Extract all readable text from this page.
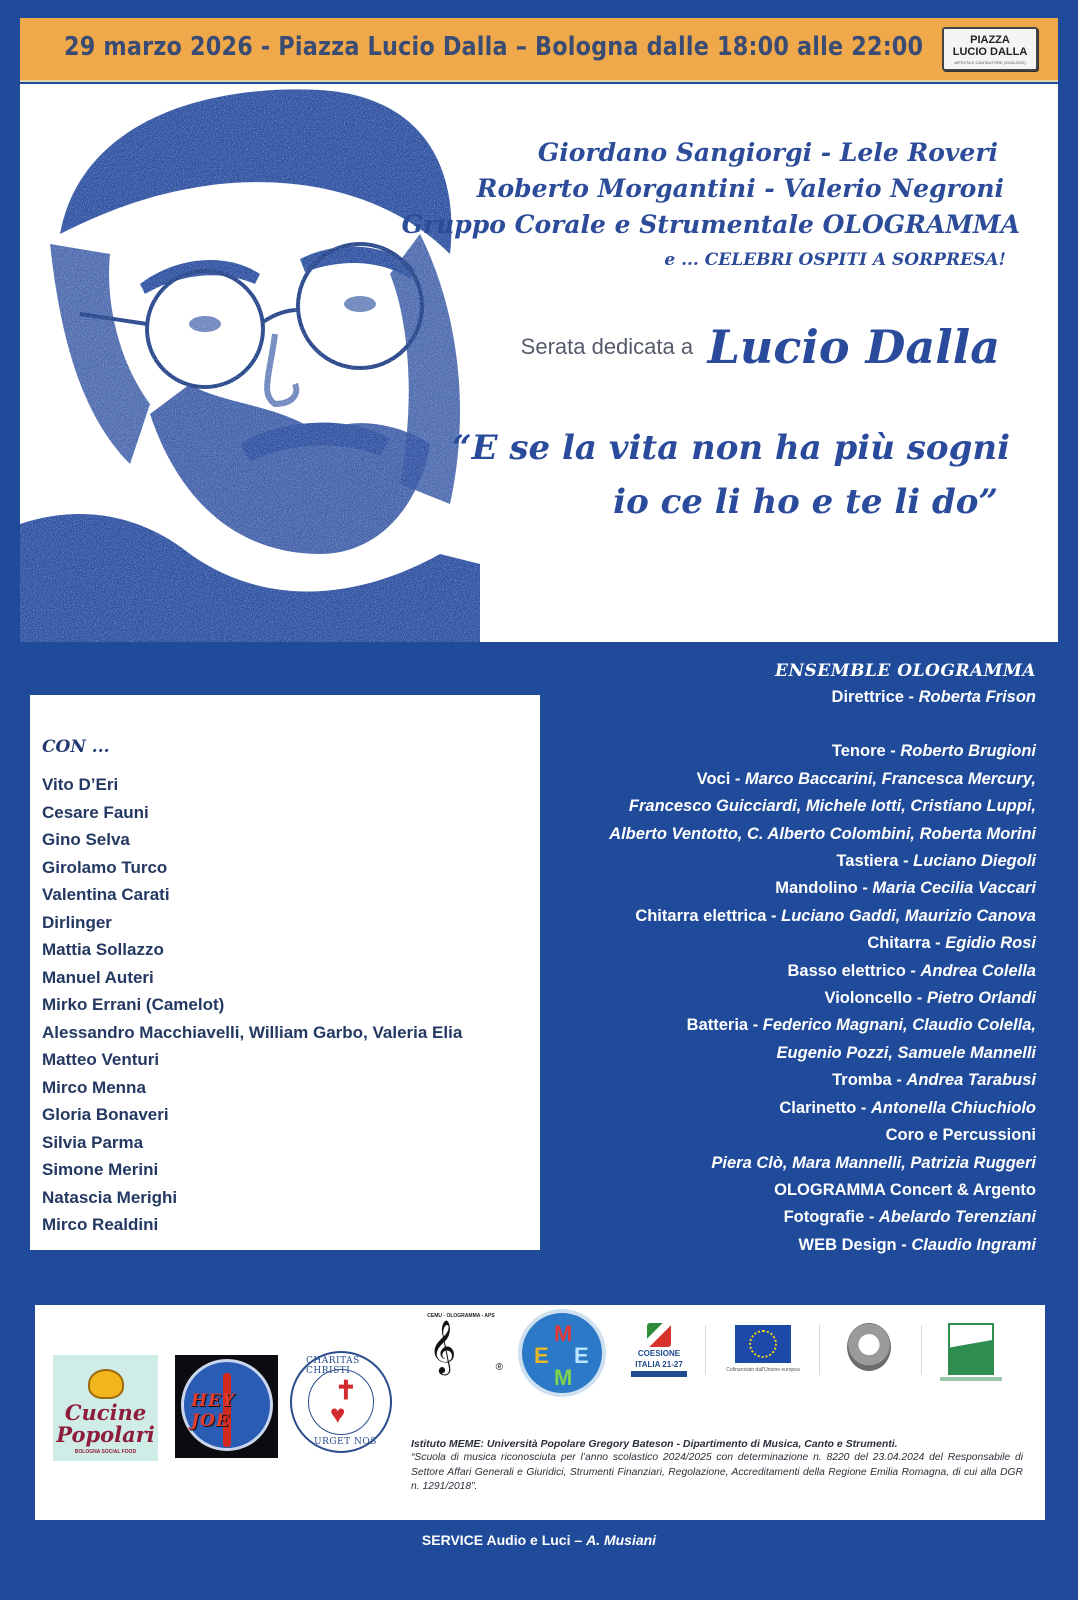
29 marzo 2026 - Piazza Lucio Dalla – Bologna dalle 18:00 alle 22:00	PIAZZA
LUCIO DALLA
ARTISTA E CANTAUTORE (1943-2012)
Giordano Sangiorgi - Lele Roveri
Roberto Morgantini - Valerio Negroni
Gruppo Corale e Strumentale OLOGRAMMA
e ... CELEBRI OSPITI A SORPRESA!
Serata dedicata a Lucio Dalla
“E se la vita non ha più sogni
io ce li ho e te li do”
CON ...
Vito D’Eri
Cesare Fauni
Gino Selva
Girolamo Turco
Valentina Carati
Dirlinger
Mattia Sollazzo
Manuel Auteri
Mirko Errani (Camelot)
Alessandro Macchiavelli, William Garbo, Valeria Elia
Matteo Venturi
Mirco Menna
Gloria Bonaveri
Silvia Parma
Simone Merini
Natascia Merighi
Mirco Realdini
ENSEMBLE OLOGRAMMA
Direttrice - Roberta Frison
Tenore - Roberto Brugioni
Voci - Marco Baccarini, Francesca Mercury,
Francesco Guicciardi, Michele Iotti, Cristiano Luppi,
Alberto Ventotto, C. Alberto Colombini, Roberta Morini
Tastiera - Luciano Diegoli
Mandolino - Maria Cecilia Vaccari
Chitarra elettrica - Luciano Gaddi, Maurizio Canova
Chitarra - Egidio Rosi
Basso elettrico - Andrea Colella
Violoncello - Pietro Orlandi
Batteria - Federico Magnani, Claudio Colella,
Eugenio Pozzi, Samuele Mannelli
Tromba - Andrea Tarabusi
Clarinetto - Antonella Chiuchiolo
Coro e Percussioni
Piera Clò, Mara Mannelli, Patrizia Ruggeri
OLOGRAMMA Concert & Argento
Fotografie - Abelardo Terenziani
WEB Design - Claudio Ingrami
Cucine
Popolari
BOLOGNA SOCIAL FOOD
HEY JOE
CHARITAS CHRISTI
✝
♥
URGET NOS
CEMU - OLOGRAMMA - APS
𝄞	®
M
E E
M
COESIONE
ITALIA 21-27
Cofinanziato dall'Unione europea
★
Istituto MEME: Università Popolare Gregory Bateson - Dipartimento di Musica, Canto e Strumenti.
“Scuola di musica riconosciuta per l’anno scolastico 2024/2025 con determinazione n. 8220 del 23.04.2024 del Responsabile di Settore Affari Generali e Giuridici, Strumenti Finanziari, Regolazione, Accreditamenti della Regione Emilia Romagna, di cui alla DGR n. 1291/2018”.
SERVICE Audio e Luci – A. Musiani
